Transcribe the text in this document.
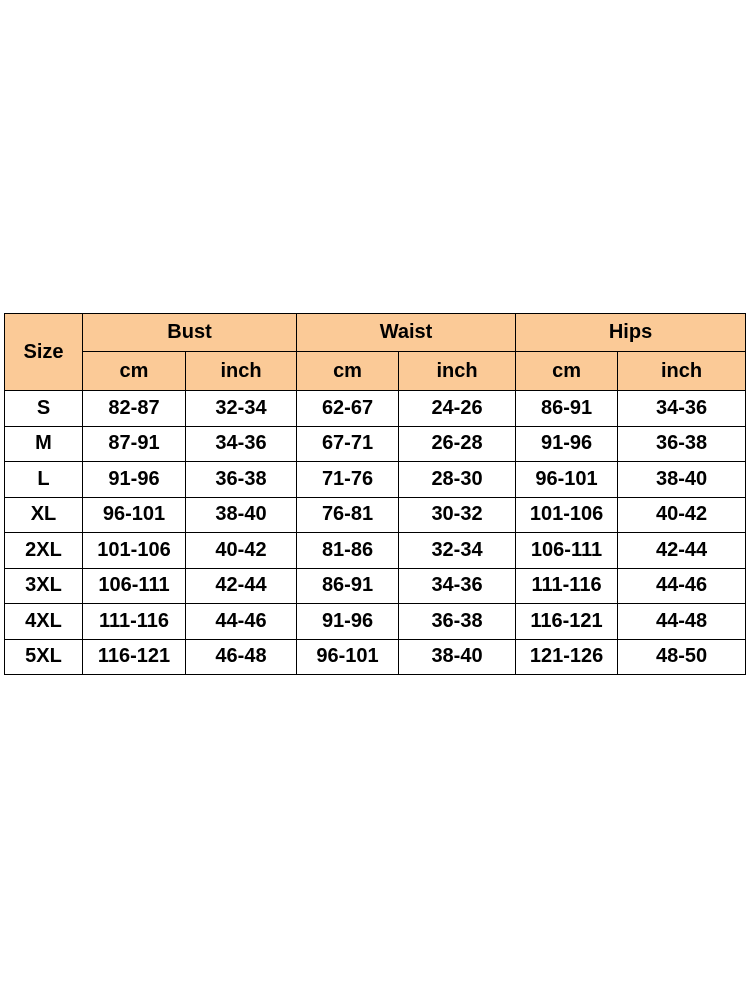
Size	Bust		Waist		Hips	
	cm	inch	cm	inch	cm	inch
S	82-87	32-34	62-67	24-26	86-91	34-36
M	87-91	34-36	67-71	26-28	91-96	36-38
L	91-96	36-38	71-76	28-30	96-101	38-40
XL	96-101	38-40	76-81	30-32	101-106	40-42
2XL	101-106	40-42	81-86	32-34	106-111	42-44
3XL	106-111	42-44	86-91	34-36	111-116	44-46
4XL	111-116	44-46	91-96	36-38	116-121	44-48
5XL	116-121	46-48	96-101	38-40	121-126	48-50
